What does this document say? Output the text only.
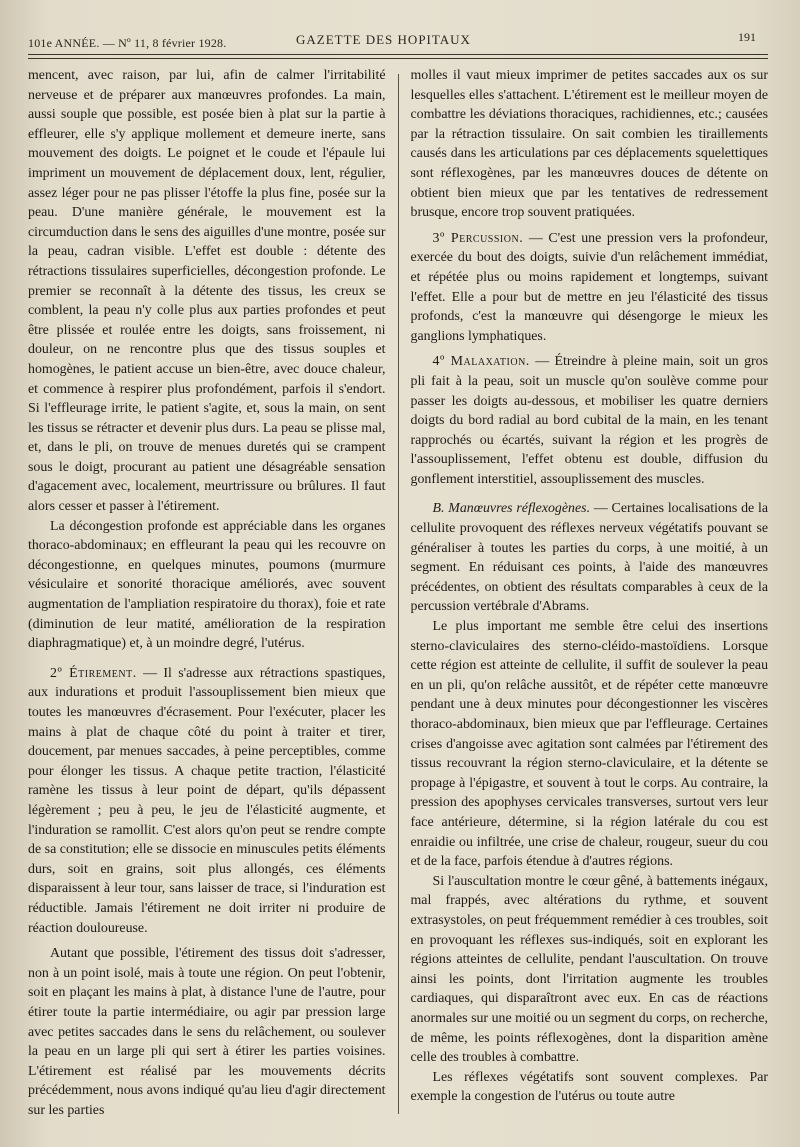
101e ANNÉE. — Nº 11, 8 février 1928.	GAZETTE DES HOPITAUX	191

mencent, avec raison, par lui, afin de calmer l'irritabilité nerveuse et de préparer aux manœuvres profondes. La main, aussi souple que possible, est posée bien à plat sur la partie à effleurer, elle s'y applique mollement et demeure inerte, sans mouvement des doigts. Le poignet et le coude et l'épaule lui impriment un mouvement de déplacement doux, lent, régulier, assez léger pour ne pas plisser l'étoffe la plus fine, posée sur la peau. D'une manière générale, le mouvement est la circumduction dans le sens des aiguilles d'une montre, posée sur la peau, cadran visible. L'effet est double : détente des rétractions tissulaires superficielles, décongestion profonde. Le premier se reconnaît à la détente des tissus, les creux se comblent, la peau n'y colle plus aux parties profondes et peut être plissée et roulée entre les doigts, sans froissement, ni douleur, on ne rencontre plus que des tissus souples et homogènes, le patient accuse un bien-être, avec douce chaleur, et commence à respirer plus profondément, parfois il s'endort. Si l'effleurage irrite, le patient s'agite, et, sous la main, on sent les tissus se rétracter et devenir plus durs. La peau se plisse mal, et, dans le pli, on trouve de menues duretés qui se crampent sous le doigt, procurant au patient une désagréable sensation d'agacement avec, localement, meurtrissure ou brûlures. Il faut alors cesser et passer à l'étirement.

La décongestion profonde est appréciable dans les organes thoraco-abdominaux; en effleurant la peau qui les recouvre on décongestionne, en quelques minutes, poumons (murmure vésiculaire et sonorité thoracique améliorés, avec souvent augmentation de l'ampliation respiratoire du thorax), foie et rate (diminution de leur matité, amélioration de la respiration diaphragmatique) et, à un moindre degré, l'utérus.

2º Étirement. — Il s'adresse aux rétractions spastiques, aux indurations et produit l'assouplissement bien mieux que toutes les manœuvres d'écrasement. Pour l'exécuter, placer les mains à plat de chaque côté du point à traiter et tirer, doucement, par menues saccades, à peine perceptibles, comme pour élonger les tissus. A chaque petite traction, l'élasticité ramène les tissus à leur point de départ, qu'ils dépassent légèrement ; peu à peu, le jeu de l'élasticité augmente, et l'induration se ramollit. C'est alors qu'on peut se rendre compte de sa constitution; elle se dissocie en minuscules petits éléments durs, soit en grains, soit plus allongés, ces éléments disparaissent à leur tour, sans laisser de trace, si l'induration est réductible. Jamais l'étirement ne doit irriter ni produire de réaction douloureuse.

Autant que possible, l'étirement des tissus doit s'adresser, non à un point isolé, mais à toute une région. On peut l'obtenir, soit en plaçant les mains à plat, à distance l'une de l'autre, pour étirer toute la partie intermédiaire, ou agir par pression large avec petites saccades dans le sens du relâchement, ou soulever la peau en un large pli qui sert à étirer les parties voisines. L'étirement est réalisé par les mouvements décrits précédemment, nous avons indiqué qu'au lieu d'agir directement sur les parties

molles il vaut mieux imprimer de petites saccades aux os sur lesquelles elles s'attachent. L'étirement est le meilleur moyen de combattre les déviations thoraciques, rachidiennes, etc.; causées par la rétraction tissulaire. On sait combien les tiraillements causés dans les articulations par ces déplacements squelettiques sont réflexogènes, par les manœuvres douces de détente on obtient bien mieux que par les tentatives de redressement brusque, encore trop souvent pratiquées.

3º Percussion. — C'est une pression vers la profondeur, exercée du bout des doigts, suivie d'un relâchement immédiat, et répétée plus ou moins rapidement et longtemps, suivant l'effet. Elle a pour but de mettre en jeu l'élasticité des tissus profonds, c'est la manœuvre qui désengorge le mieux les ganglions lymphatiques.

4º Malaxation. — Étreindre à pleine main, soit un gros pli fait à la peau, soit un muscle qu'on soulève comme pour passer les doigts au-dessous, et mobiliser les quatre derniers doigts du bord radial au bord cubital de la main, en les tenant rapprochés ou écartés, suivant la région et les progrès de l'assouplissement, l'effet obtenu est double, diffusion du gonflement interstitiel, assouplissement des muscles.

B. Manœuvres réflexogènes. — Certaines localisations de la cellulite provoquent des réflexes nerveux végétatifs pouvant se généraliser à toutes les parties du corps, à une moitié, à un segment. En réduisant ces points, à l'aide des manœuvres précédentes, on obtient des résultats comparables à ceux de la percussion vertébrale d'Abrams.

Le plus important me semble être celui des insertions sterno-claviculaires des sterno-cléido-mastoïdiens. Lorsque cette région est atteinte de cellulite, il suffit de soulever la peau en un pli, qu'on relâche aussitôt, et de répéter cette manœuvre pendant une à deux minutes pour décongestionner les viscères thoraco-abdominaux, bien mieux que par l'effleurage. Certaines crises d'angoisse avec agitation sont calmées par l'étirement des tissus recouvrant la région sterno-claviculaire, et la détente se propage à l'épigastre, et souvent à tout le corps. Au contraire, la pression des apophyses cervicales transverses, surtout vers leur face antérieure, détermine, si la région latérale du cou est enraidie ou infiltrée, une crise de chaleur, rougeur, sueur du cou et de la face, parfois étendue à d'autres régions.

Si l'auscultation montre le cœur gêné, à battements inégaux, mal frappés, avec altérations du rythme, et souvent extrasystoles, on peut fréquemment remédier à ces troubles, soit en provoquant les réflexes sus-indiqués, soit en explorant les régions atteintes de cellulite, pendant l'auscultation. On trouve ainsi les points, dont l'irritation augmente les troubles cardiaques, qui disparaîtront avec eux. En cas de réactions anormales sur une moitié ou un segment du corps, on recherche, de même, les points réflexogènes, dont la disparition amène celle des troubles à combattre.

Les réflexes végétatifs sont souvent complexes. Par exemple la congestion de l'utérus ou toute autre
